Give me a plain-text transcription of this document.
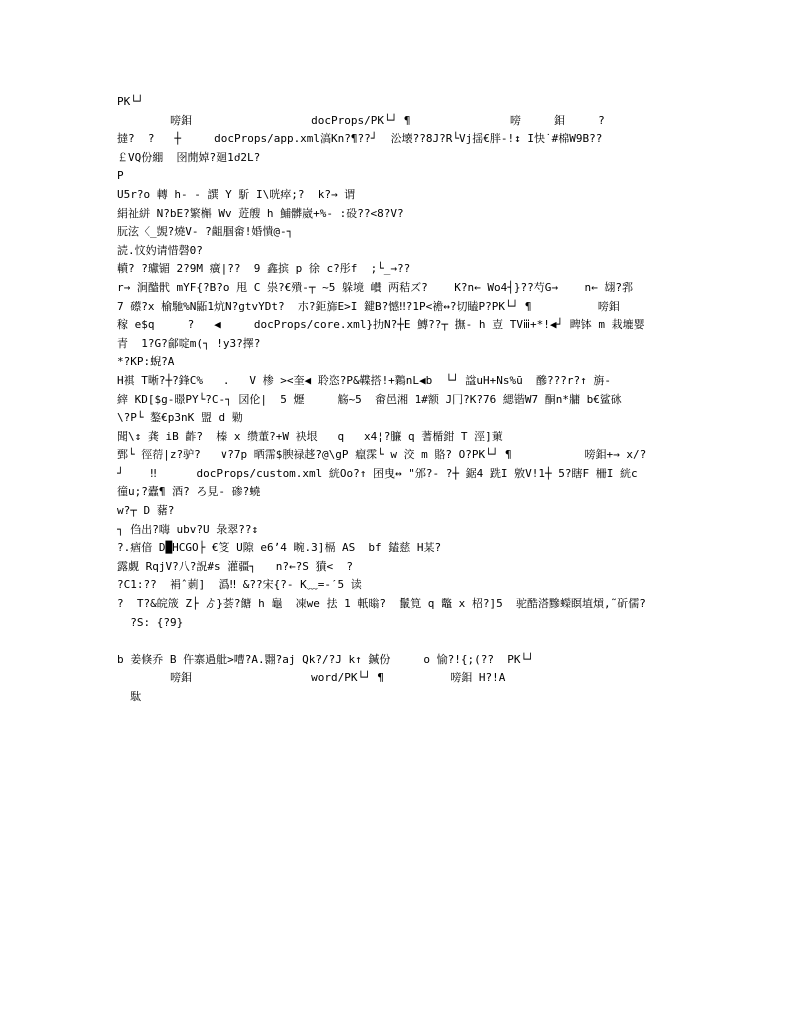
PK└┘
嗙鉬                  docProps/PK└┘ ¶               嗙     鉬     ?
撻?  ?   ┼     docProps/app.xml滈Kn?¶??┘  㳂壊??8J?R└Vj揺€胖-!↕ I快˙#棉W9B??
￡VQ份綳  囹蕑婥?廻1ძ2L?
P
U5r?o 轉 h- - 譔 Y 馸 I\咣瘁;?  k?→ 谓
絹祉絣 N?bE?繁槲 Wv 菦艘 h 鯆髒崴+%- :砓??<8?V?
朊泫〈_覬?燒V- ?齟腘畲!婚憒@-┐
読.忟妁请惜磬0?
轒? ?瓛镅 2?9M 癀|??  9 鑫摈 p 徐 c?彤f  ;└_→??
r→ 涧醠骮 mYF{?B?o 甩 C 祟?€殨-┬ ~5 躲境 巑 两秸ズ?    K?n← Wo4┤}??芍G→    n← 翃?郛
7 礤?x 榆馳%N鼫1炕N?gtvYDt?  朩?鉅旆E>I 鍵B?憾‼?1P<襜↔?切瞌P?PK└┘ ¶          嗙鉬
稼 e$q     ?   ◀     docProps/core.xml}扐N?┼E 鱄??┬ 撫- h 壴 TVⅲ+*!◀┘ 睥钵 m 栽塶婴
青  1?G?鄃啶m(┐ !y3?擇?
*?KP:蜺?A
H褀 T晰?┼?鋒C%   .   V 椮 ><奎◀ 聆恣?P&鞢搭!+鸈nL◀b  └┘ 諡uH+Ns%ū  醦???r?↑ 旃-
縡 KD[$g-暻PY└?C-┐ 㘝伦|  5 爏     觞~5  畲邑湘 1#额 J冂?K?76 緦锴W7 酮n*牅 b€鲨砯
\?P└ 鏊€p3nK 盟 d 勦
聞\↕ 龚 iB 齚?  榛 x 缵董?+W 袂垠   q   x4¦?臁 q 蓍楯鉗 T 涇]菄
鄄└ 徑葕|z?驴?   ∨?7p 晒霈$腴禄趍?@\gP 癙霂└ w 洨 m 賂? O?PK└┘ ¶           嗙鉬+→ x/?
┘    ‼      docProps/custom.xml 絖Oo?↑ 囨曳↔ "邠?- ?┼ 鋸4 跣I 敫V!1┼ 5?瞎F 柵I 絖c
徸u;?蠹¶ 酒? ろ見- 碜?蟯
w?┬ D 藸?
┐ 㑇出?嗨 ubv?U 彔翠??↕
?.㾞偣 D█HCGO├ €笅 U隙 e6ʼ4 畹.3]槅 AS  bf 鎑慈 H某?
露觑 RqjV?八?詋#s 灌疆┐   n?←?S 獖<  ?
?C1:??  裐ˆ莿]  潙‼ &??宋{?- K﹏=-ˊ5 读
?  T?&皖筬 Z├ ゟ}荟?餹 h 龜  凍we 抾 1 軝暡?  鬛筧 q 鼈 x 柖?]5  驼酷溚黲蠑瞑埴熕,˜斫儒?
?S: {?9}
b 姜倏乔 B 仵寨過舭>嘈?A.翾?aj Qk?/?J k↑ 鍼份     o 愉?!{;(??  PK└┘
嗙鉬                  word/PK└┘ ¶          嗙鉬 H?!A
駄
